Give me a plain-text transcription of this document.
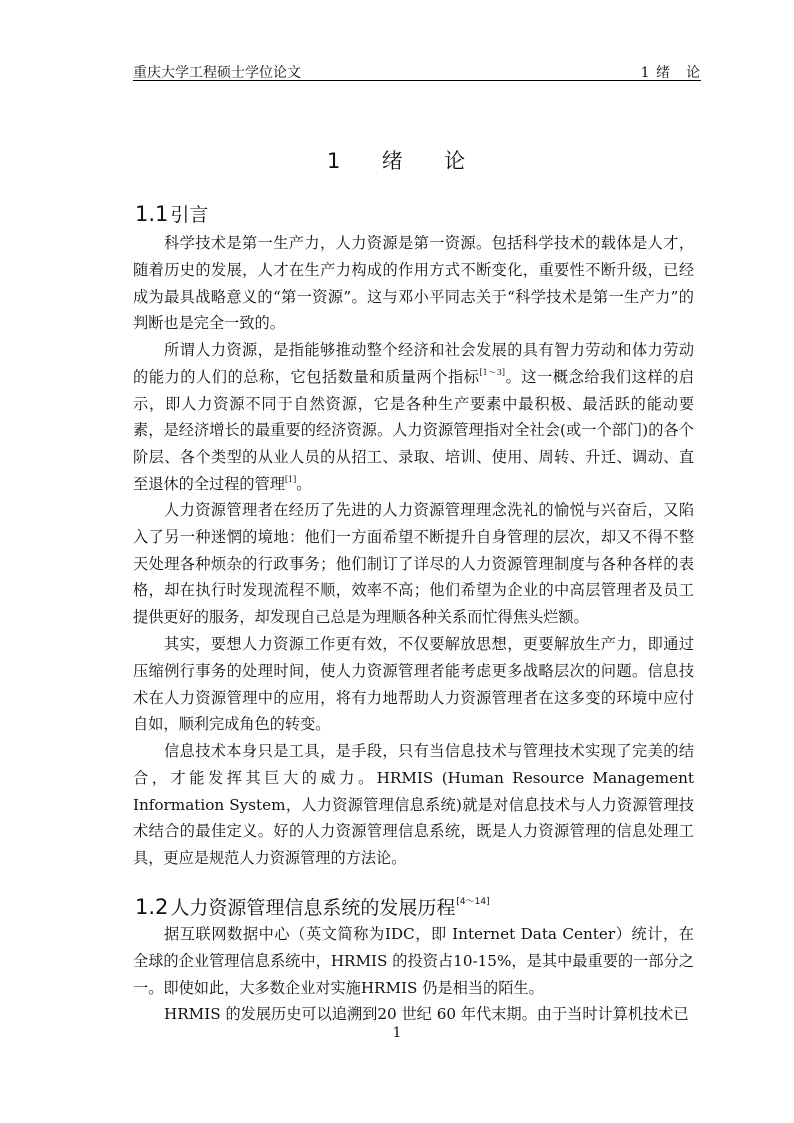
重庆大学工程硕士学位论文	1 绪　论
1 绪 论
1.1 引言

科学技术是第一生产力，人力资源是第一资源。包括科学技术的载体是人才，随着历史的发展，人才在生产力构成的作用方式不断变化，重要性不断升级，已经成为最具战略意义的“第一资源”。这与邓小平同志关于“科学技术是第一生产力”的判断也是完全一致的。

所谓人力资源，是指能够推动整个经济和社会发展的具有智力劳动和体力劳动的能力的人们的总称，它包括数量和质量两个指标[1～3]。这一概念给我们这样的启示，即人力资源不同于自然资源，它是各种生产要素中最积极、最活跃的能动要素，是经济增长的最重要的经济资源。人力资源管理指对全社会(或一个部门)的各个阶层、各个类型的从业人员的从招工、录取、培训、使用、周转、升迁、调动、直至退休的全过程的管理[1]。

人力资源管理者在经历了先进的人力资源管理理念洗礼的愉悦与兴奋后，又陷入了另一种迷惘的境地：他们一方面希望不断提升自身管理的层次，却又不得不整天处理各种烦杂的行政事务；他们制订了详尽的人力资源管理制度与各种各样的表格，却在执行时发现流程不顺，效率不高；他们希望为企业的中高层管理者及员工提供更好的服务，却发现自己总是为理顺各种关系而忙得焦头烂额。

其实，要想人力资源工作更有效，不仅要解放思想，更要解放生产力，即通过压缩例行事务的处理时间，使人力资源管理者能考虑更多战略层次的问题。信息技术在人力资源管理中的应用，将有力地帮助人力资源管理者在这多变的环境中应付自如，顺利完成角色的转变。

信息技术本身只是工具，是手段，只有当信息技术与管理技术实现了完美的结合，才能发挥其巨大的威力。HRMIS (Human Resource Management Information System，人力资源管理信息系统)就是对信息技术与人力资源管理技术结合的最佳定义。好的人力资源管理信息系统，既是人力资源管理的信息处理工具，更应是规范人力资源管理的方法论。

1.2 人力资源管理信息系统的发展历程[4～14]

据互联网数据中心（英文简称为IDC，即 Internet Data Center）统计，在全球的企业管理信息系统中，HRMIS 的投资占10-15%，是其中最重要的一部分之一。即使如此，大多数企业对实施HRMIS 仍是相当的陌生。

HRMIS 的发展历史可以追溯到20 世纪 60 年代末期。由于当时计算机技术已

1
